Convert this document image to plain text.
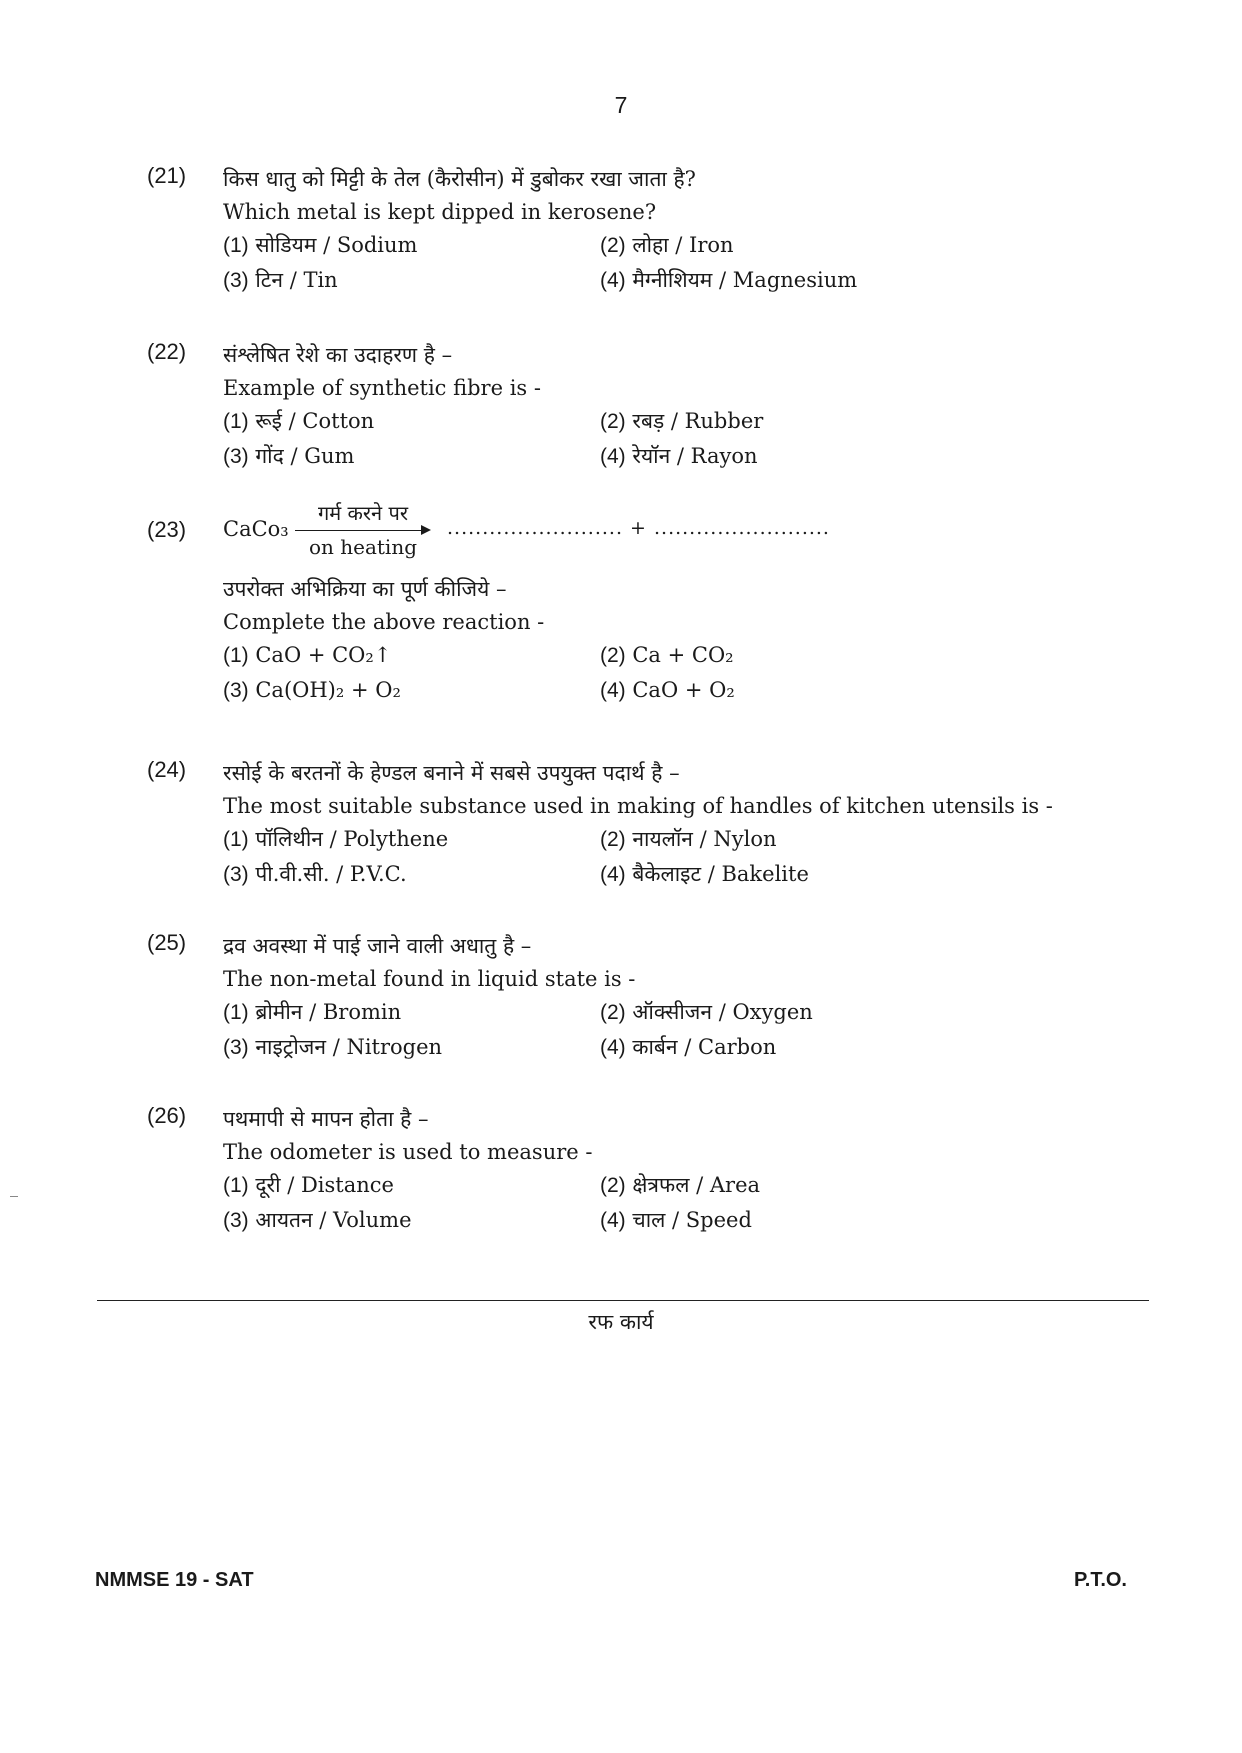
7
(21) किस धातु को मिट्टी के तेल (कैरोसीन) में डुबोकर रखा जाता है?
Which metal is kept dipped in kerosene?
(1) सोडियम / Sodium	(2) लोहा / Iron
(3) टिन / Tin	(4) मैग्नीशियम / Magnesium
(22) संश्लेषित रेशे का उदाहरण है –
Example of synthetic fibre is -
(1) रूई / Cotton	(2) रबड़ / Rubber
(3) गोंद / Gum	(4) रेयॉन / Rayon
(23) CaCo₃
गर्म करने पर
on heating
......................... + .........................
उपरोक्त अभिक्रिया का पूर्ण कीजिये –
Complete the above reaction -
(1) CaO + CO₂↑	(2) Ca + CO₂
(3) Ca(OH)₂ + O₂	(4) CaO + O₂
(24) रसोई के बरतनों के हेण्डल बनाने में सबसे उपयुक्त पदार्थ है –
The most suitable substance used in making of handles of kitchen utensils is -
(1) पॉलिथीन / Polythene	(2) नायलॉन / Nylon
(3) पी.वी.सी. / P.V.C.	(4) बैकेलाइट / Bakelite
(25) द्रव अवस्था में पाई जाने वाली अधातु है –
The non-metal found in liquid state is -
(1) ब्रोमीन / Bromin	(2) ऑक्सीजन / Oxygen
(3) नाइट्रोजन / Nitrogen	(4) कार्बन / Carbon
(26) पथमापी से मापन होता है –
The odometer is used to measure -
(1) दूरी / Distance	(2) क्षेत्रफल / Area
(3) आयतन / Volume	(4) चाल / Speed
रफ कार्य
NMMSE 19 - SAT	P.T.O.
